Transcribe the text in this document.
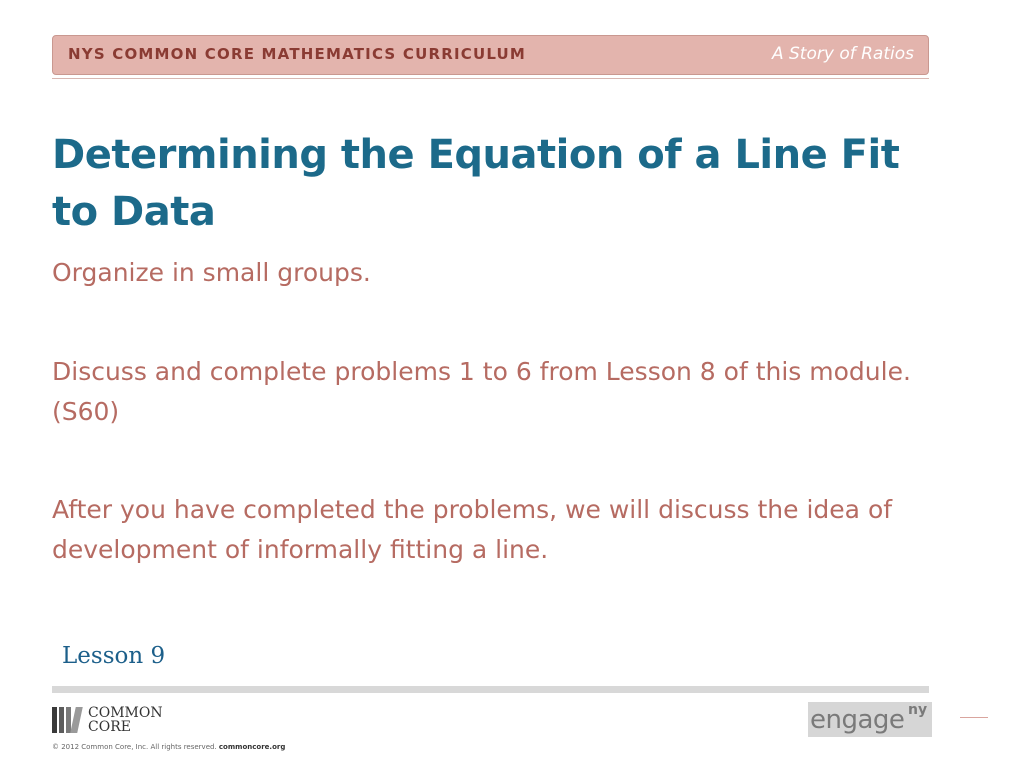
NYS COMMON CORE MATHEMATICS CURRICULUM	A Story of Ratios
Determining the Equation of a Line Fit to Data

Organize in small groups.

Discuss and complete problems 1 to 6 from Lesson 8 of this module. (S60)

After you have completed the problems, we will discuss the idea of development of informally fitting a line.

Lesson 9
COMMON
CORE
© 2012 Common Core, Inc. All rights reserved. commoncore.org
engage ny
